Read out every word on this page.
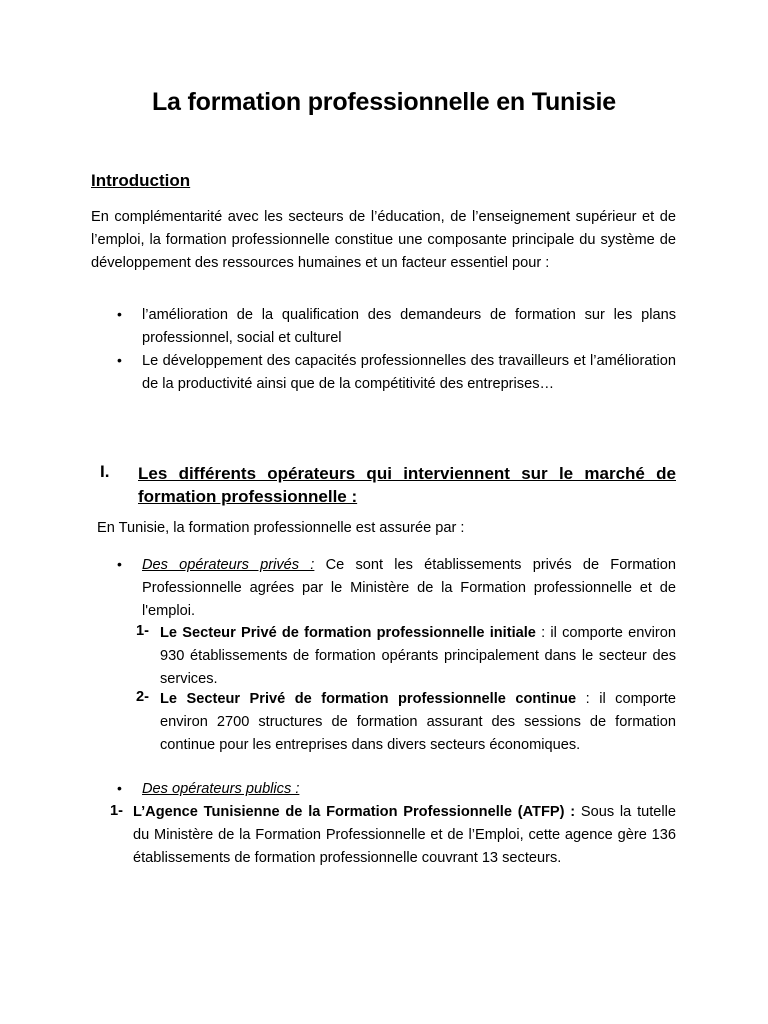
La formation professionnelle en Tunisie
Introduction
En complémentarité avec les secteurs de l’éducation, de l’enseignement supérieur et de l’emploi, la formation professionnelle constitue une composante principale du système de développement des ressources humaines et un facteur essentiel pour :
• l’amélioration de la qualification des demandeurs de formation sur les plans professionnel, social et culturel
• Le développement des capacités professionnelles des travailleurs et l’amélioration de la productivité ainsi que de la compétitivité des entreprises…
I. Les différents opérateurs qui interviennent sur le marché de formation professionnelle :
En Tunisie, la formation professionnelle est assurée par :
• Des opérateurs privés : Ce sont les établissements privés de Formation Professionnelle agrées par le Ministère de la Formation professionnelle et de l'emploi.
1- Le Secteur Privé de formation professionnelle initiale : il comporte environ 930 établissements de formation opérants principalement dans le secteur des services.
2- Le Secteur Privé de formation professionnelle continue : il comporte environ 2700 structures de formation assurant des sessions de formation continue pour les entreprises dans divers secteurs économiques.
• Des opérateurs publics :
1- L’Agence Tunisienne de la Formation Professionnelle (ATFP) : Sous la tutelle du Ministère de la Formation Professionnelle et de l’Emploi, cette agence gère 136 établissements de formation professionnelle couvrant 13 secteurs.
